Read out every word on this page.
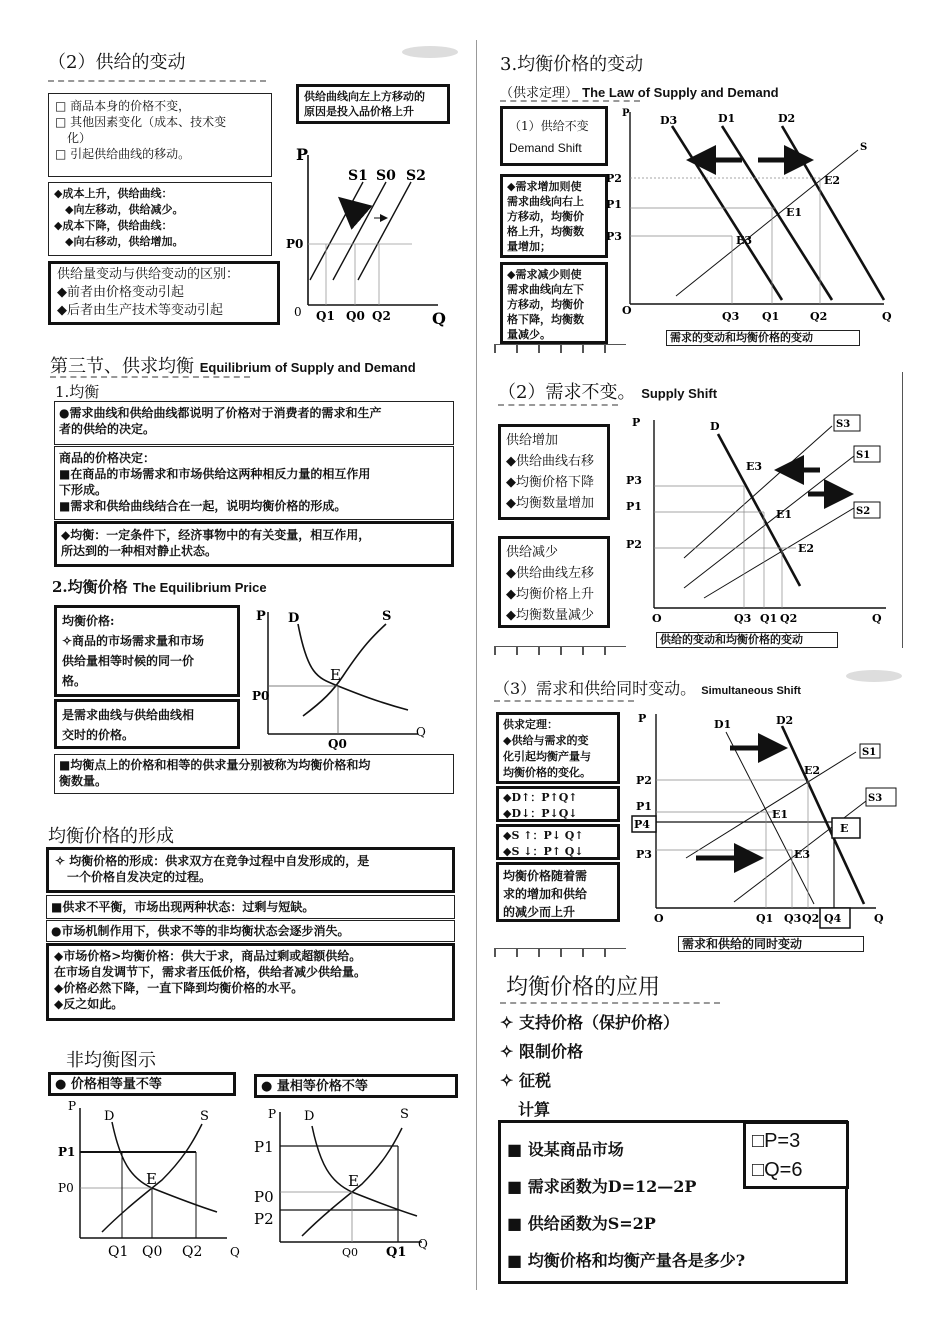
（2）供给的变动
□ 商品本身的价格不变，
□ 其他因素变化（成本、技术变
　化）
□ 引起供给曲线的移动。
◆成本上升，供给曲线：
　◆向左移动，供给减少。
◆成本下降，供给曲线：
　◆向右移动，供给增加。
供给量变动与供给变动的区别：
◆前者由价格变动引起
◆后者由生产技术等变动引起
供给曲线向左上方移动的
原因是投入品价格上升
P
Q
0
P0
S1 S0 S2
Q1 Q0 Q2
第三节、供求均衡 Equilibrium of Supply and Demand
1.均衡
●需求曲线和供给曲线都说明了价格对于消费者的需求和生产
者的供给的决定。
商品的价格决定：
■在商品的市场需求和市场供给这两种相反力量的相互作用
下形成。
■需求和供给曲线结合在一起，说明均衡价格的形成。
◆均衡：一定条件下，经济事物中的有关变量，相互作用，
所达到的一种相对静止状态。
2.均衡价格 The Equilibrium Price
均衡价格:
✧商品的市场需求量和市场
供给量相等时候的同一价
格。
是需求曲线与供给曲线相
交时的价格。
■均衡点上的价格和相等的供求量分别被称为均衡价格和均
衡数量。
P D	S
E
P0
Q0
Q
均衡价格的形成
✧ 均衡价格的形成：供求双方在竞争过程中自发形成的，是
　一个价格自发决定的过程。
■供求不平衡，市场出现两种状态：过剩与短缺。
●市场机制作用下，供求不等的非均衡状态会逐步消失。
◆市场价格>均衡价格：供大于求，商品过剩或超额供给。
在市场自发调节下，需求者压低价格，供给者减少供给量。
◆价格必然下降，一直下降到均衡价格的水平。
◆反之如此。
非均衡图示
● 价格相等量不等	● 量相等价格不等
P
D	S
P1
P0	E
Q1 Q0 Q2 Q
P D	S
P1
P0
P2
E
Q0 Q1
Q
3.均衡价格的变动
（供求定理） The Law of Supply and Demand
（1）供给不变
Demand Shift
◆需求增加则使
需求曲线向右上
方移动，均衡价
格上升，均衡数
量增加；
◆需求减少则使
需求曲线向左下
方移动，均衡价
格下降，均衡数
量减少。
P
D3	D1	D2
S
P2
P1
P3
E2
E1
E3
O	Q3 Q1	Q2	Q
需求的变动和均衡价格的变动
（2）需求不变。 Supply Shift
供给增加
◆供给曲线右移
◆均衡价格下降
◆均衡数量增加
供给减少
◆供给曲线左移
◆均衡价格上升
◆均衡数量减少
P	D	S3
S1
S2
P3
P1
P2
E3
E1
E2
O	Q3 Q1 Q2	Q
供给的变动和均衡价格的变动
（3）需求和供给同时变动。 Simultaneous Shift
供求定理：
◆供给与需求的变
化引起均衡产量与
均衡价格的变化。
◆D↑：P↑Q↑
◆D↓：P↓Q↓
◆S ↑：P↓ Q↑
◆S ↓：P↑ Q↓
均衡价格随着需
求的增加和供给
的减少而上升
P	D1	D2
S1
S3
P2
P1
P4
P3
E2
E1
E
E3
O	Q1 Q3 Q2 Q4	Q
需求和供给的同时变动
均衡价格的应用
✧ 支持价格（保护价格）
✧ 限制价格
✧ 征税
计算
■ 设某商品市场
■ 需求函数为D=12—2P
■ 供给函数为S=2P
■ 均衡价格和均衡产量各是多少?
□P=3
□Q=6
